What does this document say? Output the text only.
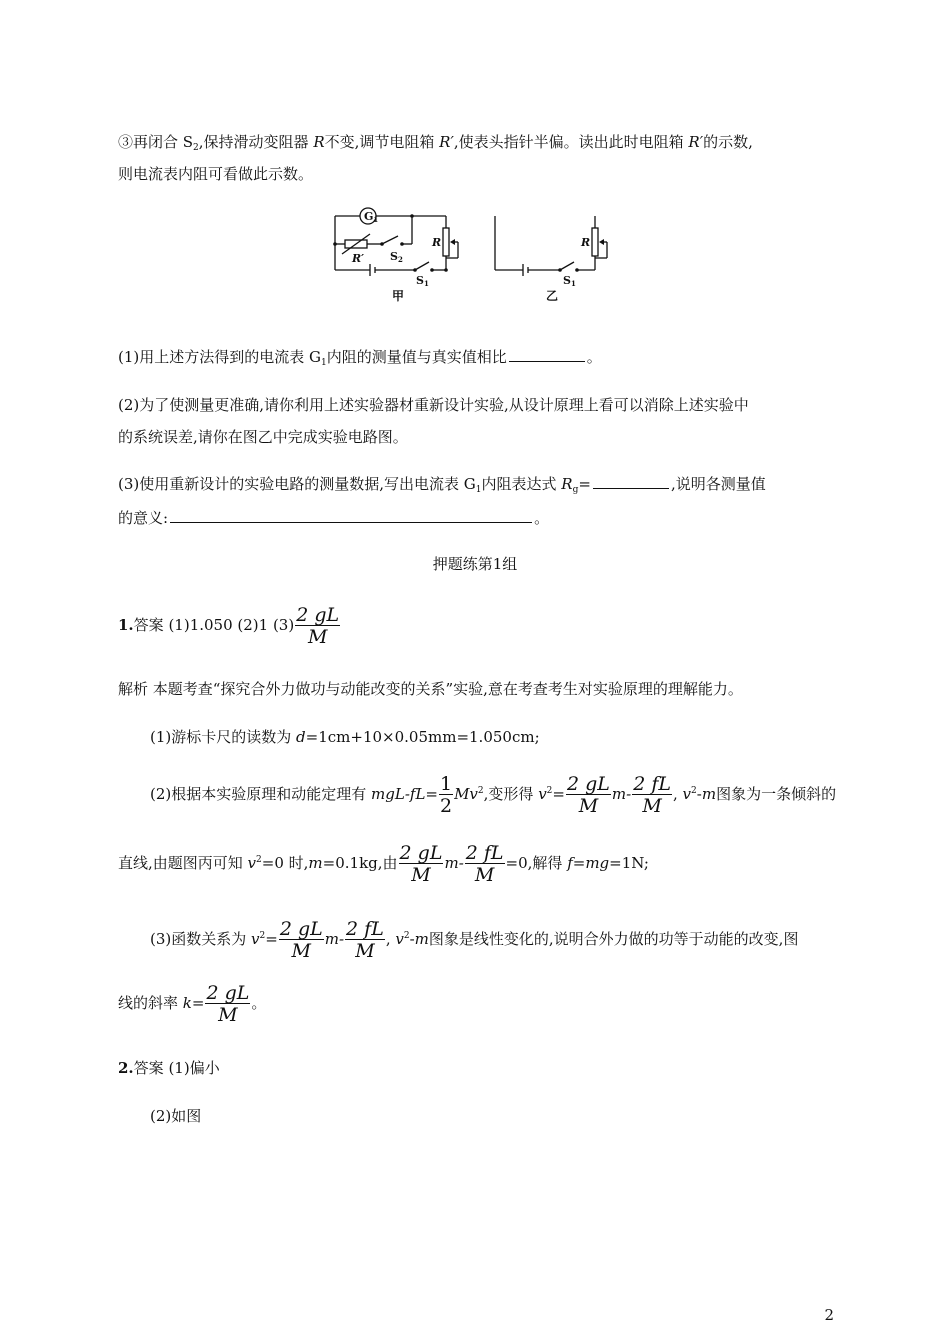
③再闭合 $S_2$,保持滑动变阻器 R不变,调节电阻箱 R′,使表头指针半偏。读出此时电阻箱 R′的示数,
则电流表内阻可看做此示数。
G1
R
R′ S2
S1
甲
R
S1
乙
(1)用上述方法得到的电流表 $G_1$内阻的测量值与真实值相比	。
(2)为了使测量更准确,请你利用上述实验器材重新设计实验,从设计原理上看可以消除上述实验中
的系统误差,请你在图乙中完成实验电路图。
(3)使用重新设计的实验电路的测量数据,写出电流表 $G_1$内阻表达式 $R_g=$	,说明各测量值
的意义:	。
押题练第1组
1.答案 (1)1.050 (2)1 $(3) \frac{2 gL}{M}$
解析 本题考查“探究合外力做功与动能改变的关系”实验,意在考查考生对实验原理的理解能力。
(1)游标卡尺的读数为 d=1cm+10×0.05mm=1.050cm;
(2)根据本实验原理和动能定理有 $mgL-fL= \frac{1}{2} Mv^2$,变形得 $v^2= \frac{2 gL}{M} m- \frac{2 fL}{M}$ , $v^2-m$图象为一条倾斜的
直线,由题图丙可知 $v^2=0$ 时,m=0.1kg,由 $\frac{2 gL}{M} m- \frac{2 fL}{M} =0$,解得 f=mg=1N;
(3)函数关系为 $v^2= \frac{2 gL}{M} m- \frac{2 fL}{M}$ , $v^2-m$图象是线性变化的,说明合外力做的功等于动能的改变,图
线的斜率 $k= \frac{2 gL}{M}$ 。
2.答案 (1)偏小
(2)如图
2
